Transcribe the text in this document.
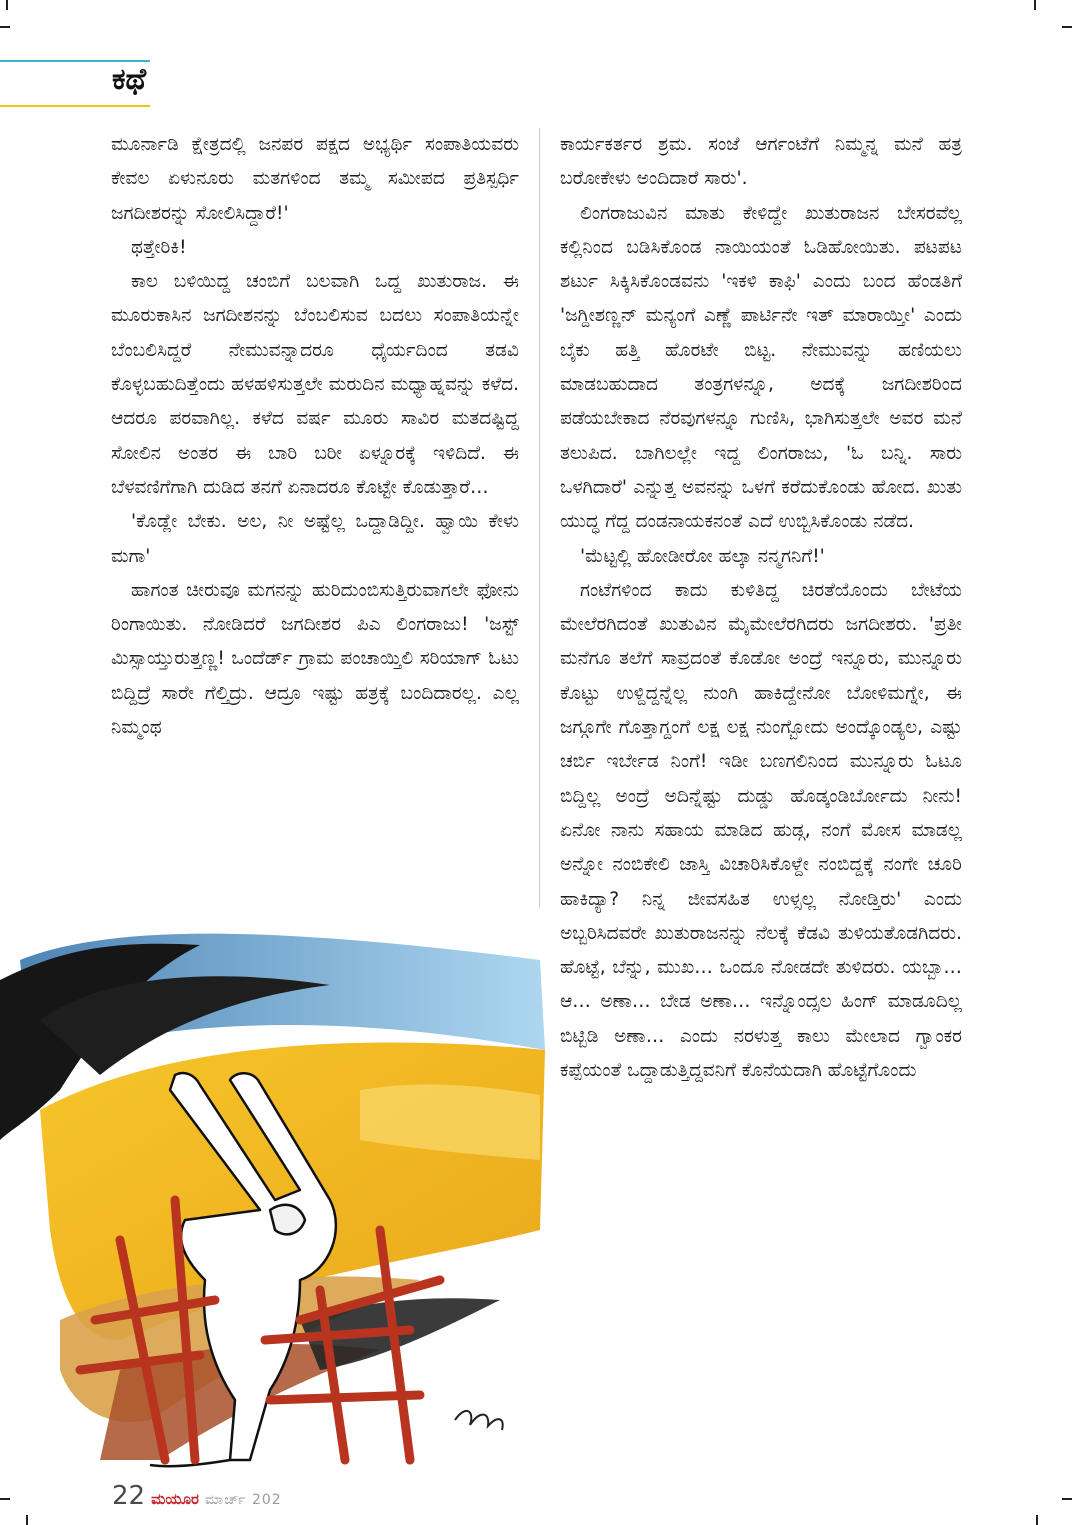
ಕಥೆ

ಮೂರ್ನಾಡಿ ಕ್ಷೇತ್ರದಲ್ಲಿ ಜನಪರ ಪಕ್ಷದ ಅಭ್ಯರ್ಥಿ ಸಂಪಾತಿಯವರು ಕೇವಲ ಏಳುನೂರು ಮತಗಳಿಂದ ತಮ್ಮ ಸಮೀಪದ ಪ್ರತಿಸ್ಪರ್ಧಿ ಜಗದೀಶರನ್ನು ಸೋಲಿಸಿದ್ದಾರೆ!'

ಥತ್ತೇರಿಕಿ!

ಕಾಲ ಬಳಿಯಿದ್ದ ಚಂಬಿಗೆ ಬಲವಾಗಿ ಒದ್ದ ಖುತುರಾಜ. ಈ ಮೂರುಕಾಸಿನ ಜಗದೀಶನನ್ನು ಬೆಂಬಲಿಸುವ ಬದಲು ಸಂಪಾತಿಯನ್ನೇ ಬೆಂಬಲಿಸಿದ್ದರೆ ನೇಮುವನ್ನಾದರೂ ಧೈರ್ಯದಿಂದ ತಡವಿ ಕೊಳ್ಳಬಹುದಿತ್ತೆಂದು ಹಳಹಳಿಸುತ್ತಲೇ ಮರುದಿನ ಮಧ್ಯಾಹ್ನವನ್ನು ಕಳೆದ. ಆದರೂ ಪರವಾಗಿಲ್ಲ. ಕಳೆದ ವರ್ಷ ಮೂರು ಸಾವಿರ ಮತದಷ್ಟಿದ್ದ ಸೋಲಿನ ಅಂತರ ಈ ಬಾರಿ ಬರೀ ಏಳ್ನೂರಕ್ಕೆ ಇಳಿದಿದೆ. ಈ ಬೆಳವಣಿಗೆಗಾಗಿ ದುಡಿದ ತನಗೆ ಏನಾದರೂ ಕೊಟ್ಟೇ ಕೊಡುತ್ತಾರೆ…

'ಕೊಡ್ಲೇ ಬೇಕು. ಅಲ, ನೀ ಅಷ್ಟೆಲ್ಲ ಒದ್ದಾಡಿದ್ದೀ. ಹ್ವಾಯಿ ಕೇಳು ಮಗಾ'

ಹಾಗಂತ ಚೀರುವೂ ಮಗನನ್ನು ಹುರಿದುಂಬಿಸುತ್ತಿರುವಾಗಲೇ ಫೋನು ರಿಂಗಾಯಿತು. ನೋಡಿದರೆ ಜಗದೀಶರ ಪಿಎ ಲಿಂಗರಾಜು! 'ಜಸ್ಟ್ ಮಿಸ್ಸಾಯ್ತುರುತ್ತಣ್ಣ! ಒಂದೆರ್ಡ್ ಗ್ರಾಮ ಪಂಚಾಯ್ತಿಲಿ ಸರಿಯಾಗ್ ಓಟು ಬಿದ್ದಿದ್ರೆ ಸಾರೇ ಗೆಲ್ತಿದ್ರು. ಆದ್ರೂ ಇಷ್ಟು ಹತ್ರಕ್ಕೆ ಬಂದಿದಾರಲ್ಲ. ಎಲ್ಲ ನಿಮ್ಮಂಥ

ಕಾರ್ಯಕರ್ತರ ಶ್ರಮ. ಸಂಜೆ ಆರ್ಗಂಟೆಗೆ ನಿಮ್ಮನ್ನ ಮನೆ ಹತ್ರ ಬರೋಕೇಳು ಅಂದಿದಾರೆ ಸಾರು'.

ಲಿಂಗರಾಜುವಿನ ಮಾತು ಕೇಳಿದ್ದೇ ಖುತುರಾಜನ ಬೇಸರವೆಲ್ಲ ಕಲ್ಲಿನಿಂದ ಬಡಿಸಿಕೊಂಡ ನಾಯಿಯಂತೆ ಓಡಿಹೋಯಿತು. ಪಟಪಟ ಶರ್ಟು ಸಿಕ್ಕಿಸಿಕೊಂಡವನು 'ಇಕಳಿ ಕಾಫಿ' ಎಂದು ಬಂದ ಹೆಂಡತಿಗೆ 'ಜಗ್ದೀಶಣ್ಣನ್ ಮನ್ಯಂಗೆ ಎಣ್ಣೆ ಪಾರ್ಟಿನೇ ಇತ್ ಮಾರಾಯ್ತೀ' ಎಂದು ಬೈಕು ಹತ್ತಿ ಹೊರಟೇ ಬಿಟ್ಟ. ನೇಮುವನ್ನು ಹಣಿಯಲು ಮಾಡಬಹುದಾದ ತಂತ್ರಗಳನ್ನೂ, ಅದಕ್ಕೆ ಜಗದೀಶರಿಂದ ಪಡೆಯಬೇಕಾದ ನೆರವುಗಳನ್ನೂ ಗುಣಿಸಿ, ಭಾಗಿಸುತ್ತಲೇ ಅವರ ಮನೆ ತಲುಪಿದ. ಬಾಗಿಲಲ್ಲೇ ಇದ್ದ ಲಿಂಗರಾಜು, 'ಓ ಬನ್ನಿ. ಸಾರು ಒಳಗಿದಾರೆ' ಎನ್ನುತ್ತ ಅವನನ್ನು ಒಳಗೆ ಕರೆದುಕೊಂಡು ಹೋದ. ಖುತು ಯುದ್ಧ ಗೆದ್ದ ದಂಡನಾಯಕನಂತೆ ಎದೆ ಉಬ್ಬಿಸಿಕೊಂಡು ನಡೆದ.

'ಮೆಟ್ಟಲ್ಲಿ ಹೋಡೀರೋ ಹಲ್ಕಾ ನನ್ಮಗನಿಗೆ!'

ಗಂಟೆಗಳಿಂದ ಕಾದು ಕುಳಿತಿದ್ದ ಚಿರತೆಯೊಂದು ಬೇಟೆಯ ಮೇಲೆರಗಿದಂತೆ ಖುತುವಿನ ಮೈಮೇಲೆರಗಿದರು ಜಗದೀಶರು. 'ಪ್ರತೀ ಮನೆಗೂ ತಲೆಗೆ ಸಾವ್ರದಂತೆ ಕೊಡೋ ಅಂದ್ರೆ ಇನ್ನೂರು, ಮುನ್ನೂರು ಕೊಟ್ಟು ಉಳ್ದಿದ್ದನ್ನೆಲ್ಲ ನುಂಗಿ ಹಾಕಿದ್ದೇನೋ ಬೋಳಿಮಗ್ನೇ, ಈ ಜಗ್ಗೂಗೇ ಗೊತ್ತಾಗ್ದಂಗೆ ಲಕ್ಷ ಲಕ್ಷ ನುಂಗ್ಬೋದು ಅಂದ್ಕೊಂಡ್ಯಲ, ಎಷ್ಟು ಚರ್ಬಿ ಇರ್ಬೇಡ ನಿಂಗೆ! ಇಡೀ ಬಣಗಲಿನಿಂದ ಮುನ್ನೂರು ಓಟೂ ಬಿದ್ದಿಲ್ಲ ಅಂದ್ರೆ ಅದಿನ್ನೆಷ್ಟು ದುಡ್ಡು ಹೊಡ್ಕಂಡಿರ್ಬೋದು ನೀನು! ಏನೋ ನಾನು ಸಹಾಯ ಮಾಡಿದ ಹುಡ್ಗ, ನಂಗೆ ಮೋಸ ಮಾಡಲ್ಲ ಅನ್ನೋ ನಂಬಿಕೇಲಿ ಜಾಸ್ತಿ ವಿಚಾರಿಸಿಕೊಳ್ದೇ ನಂಬಿದ್ದಕ್ಕೆ ನಂಗೇ ಚೂರಿ ಹಾಕಿದ್ಯಾ? ನಿನ್ನ ಜೀವಸಹಿತ ಉಳ್ಸಲ್ಲ ನೋಡ್ತಿರು' ಎಂದು ಅಬ್ಬರಿಸಿದವರೇ ಖುತುರಾಜನನ್ನು ನೆಲಕ್ಕೆ ಕೆಡವಿ ತುಳಿಯತೊಡಗಿದರು. ಹೊಟ್ಟೆ, ಬೆನ್ನು, ಮುಖ… ಒಂದೂ ನೋಡದೇ ತುಳಿದರು. ಯಬ್ಬಾ… ಆ… ಅಣಾ… ಬೇಡ ಅಣಾ… ಇನ್ನೊಂದ್ಸಲ ಹಿಂಗ್ ಮಾಡೂದಿಲ್ಲ ಬಿಟ್ಬಿಡಿ ಅಣಾ… ಎಂದು ನರಳುತ್ತ ಕಾಲು ಮೇಲಾದ ಗ್ವಾಂಕರ ಕಪ್ಪೆಯಂತೆ ಒದ್ದಾಡುತ್ತಿದ್ದವನಿಗೆ ಕೊನೆಯದಾಗಿ ಹೊಟ್ಟೆಗೊಂದು

22 ಮಯೂರ ಮಾರ್ಚ್ 202
